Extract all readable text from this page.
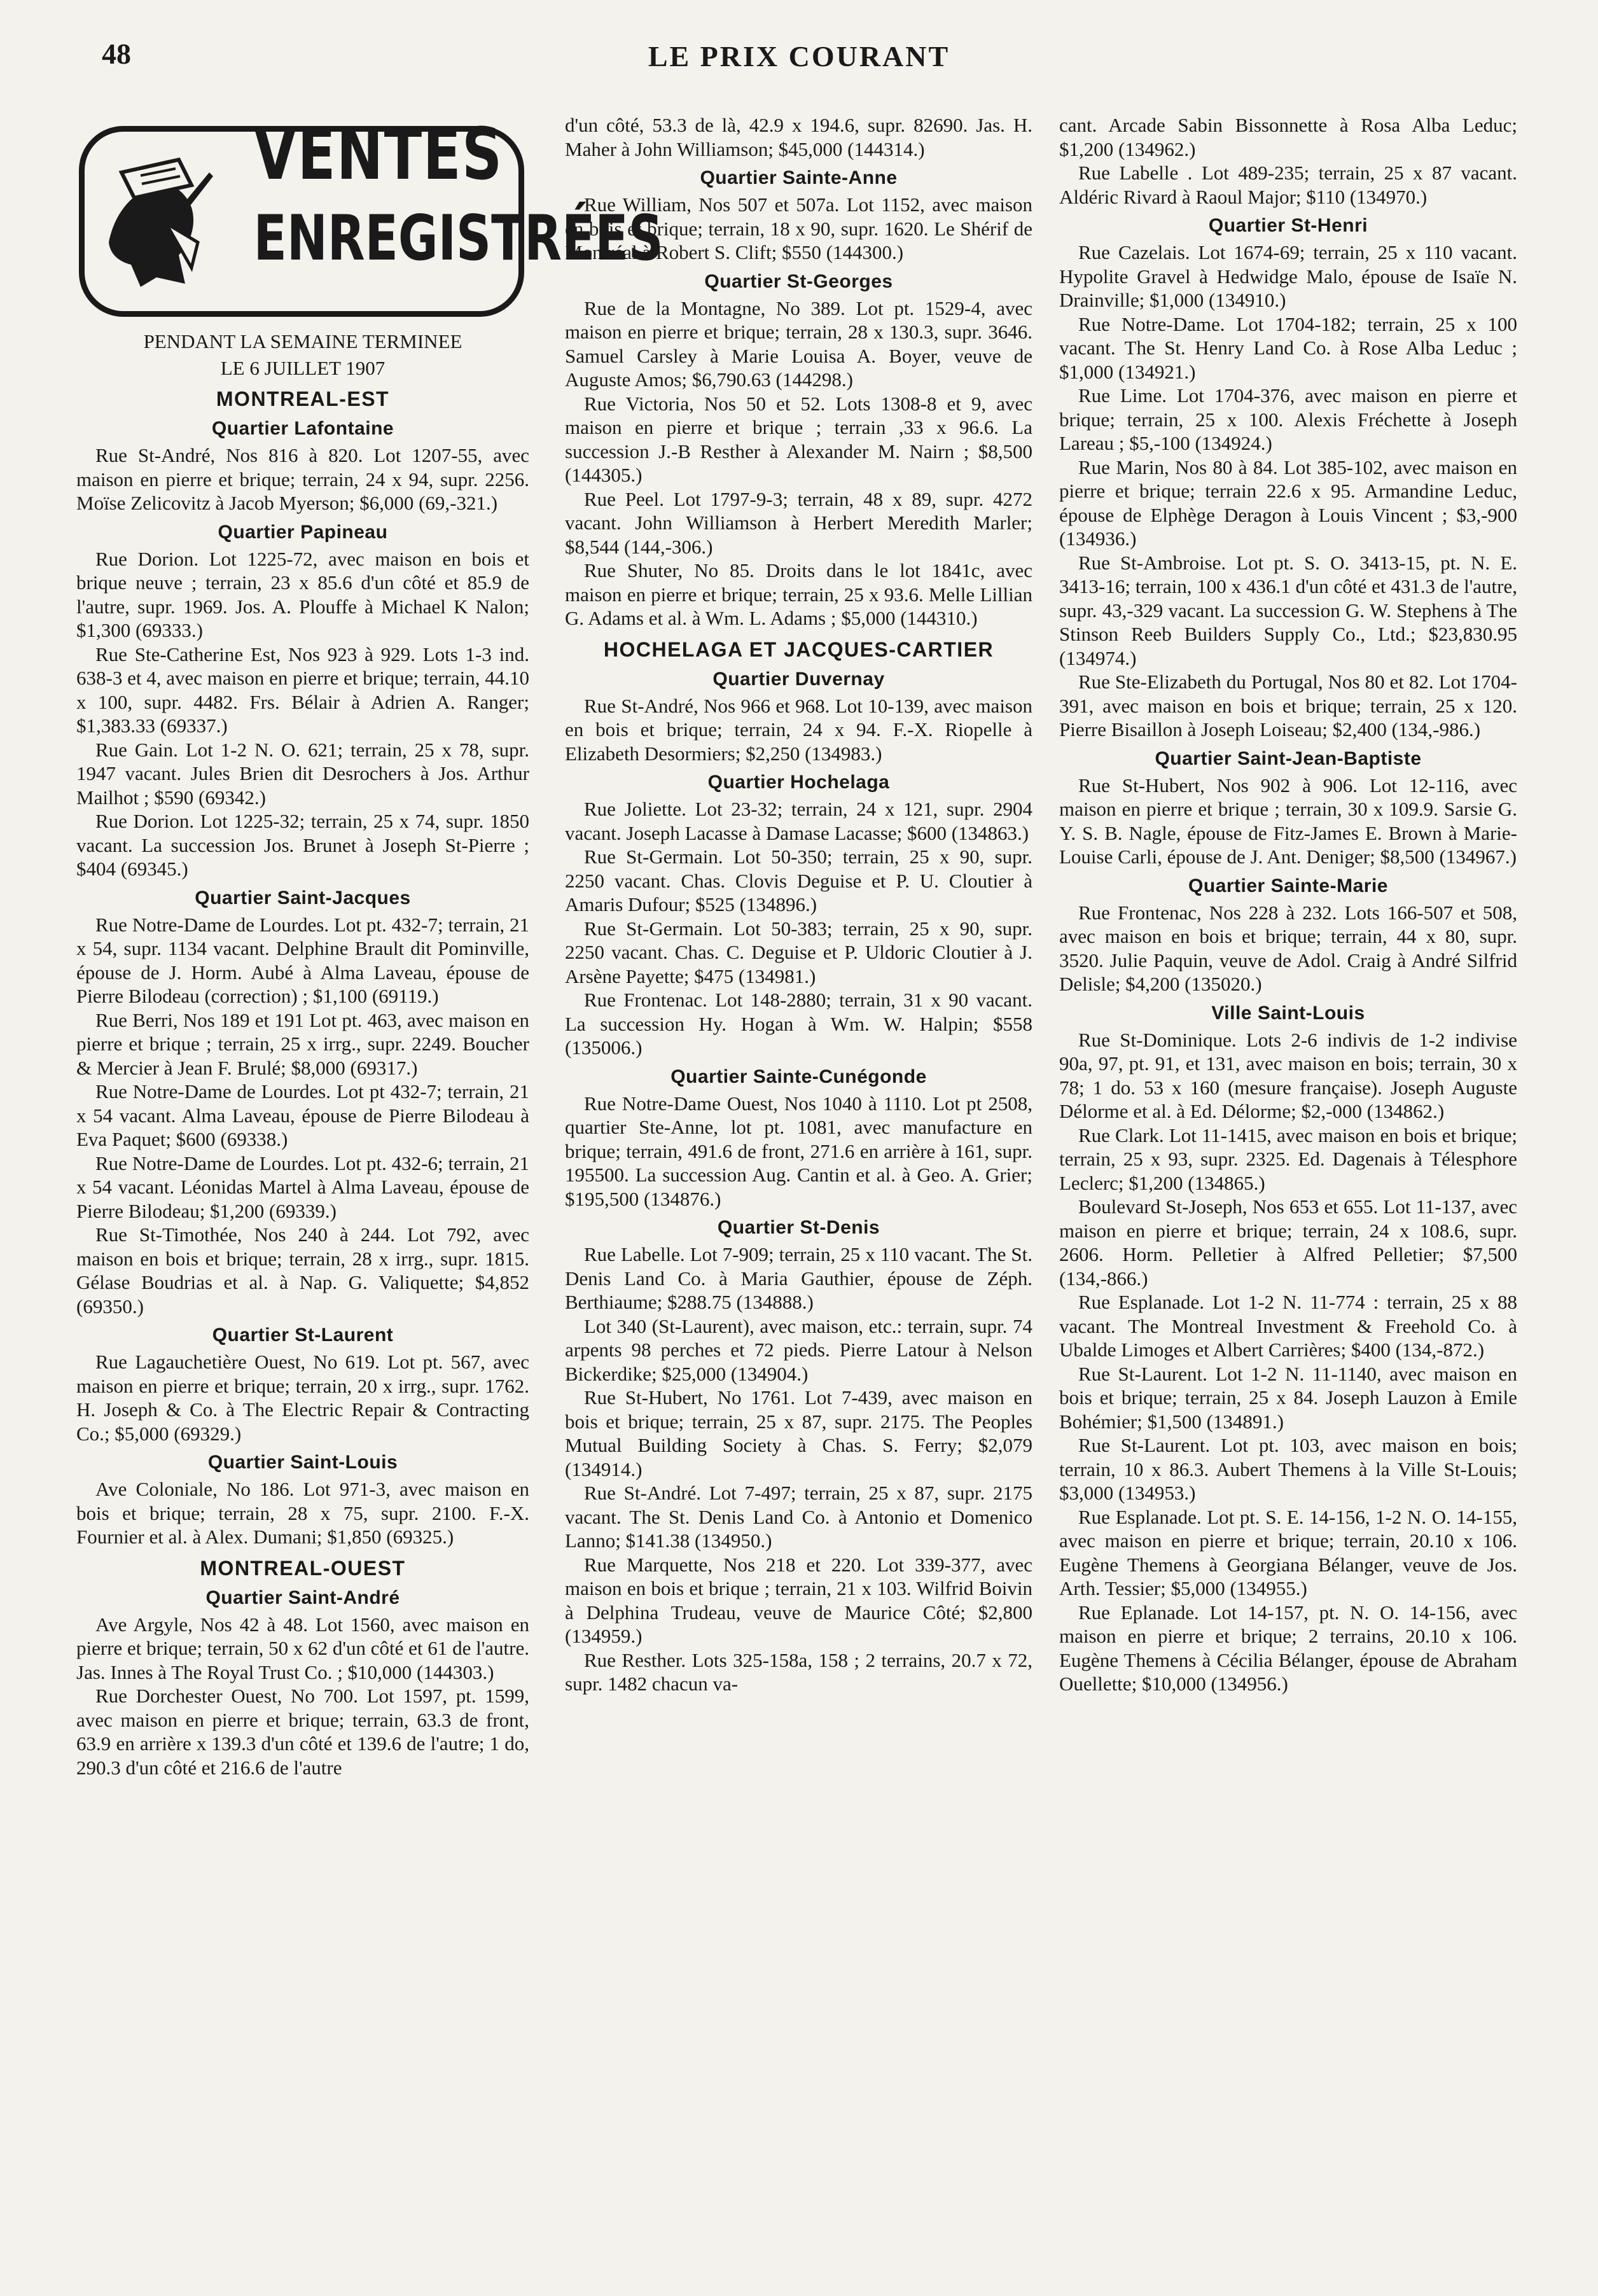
48	LE PRIX COURANT
VENTES
ENREGISTRÉES
PENDANT LA SEMAINE TERMINEE
LE 6 JUILLET 1907
MONTREAL-EST
Quartier Lafontaine

Rue St-André, Nos 816 à 820. Lot 1207-55, avec maison en pierre et brique; terrain, 24 x 94, supr. 2256. Moïse Zelicovitz à Jacob Myerson; $6,000 (69,-321.)

Quartier Papineau

Rue Dorion. Lot 1225-72, avec maison en bois et brique neuve ; terrain, 23 x 85.6 d'un côté et 85.9 de l'autre, supr. 1969. Jos. A. Plouffe à Michael K Nalon; $1,300 (69333.)

Rue Ste-Catherine Est, Nos 923 à 929. Lots 1-3 ind. 638-3 et 4, avec maison en pierre et brique; terrain, 44.10 x 100, supr. 4482. Frs. Bélair à Adrien A. Ranger; $1,383.33 (69337.)

Rue Gain. Lot 1-2 N. O. 621; terrain, 25 x 78, supr. 1947 vacant. Jules Brien dit Desrochers à Jos. Arthur Mailhot ; $590 (69342.)

Rue Dorion. Lot 1225-32; terrain, 25 x 74, supr. 1850 vacant. La succession Jos. Brunet à Joseph St-Pierre ; $404 (69345.)

Quartier Saint-Jacques

Rue Notre-Dame de Lourdes. Lot pt. 432-7; terrain, 21 x 54, supr. 1134 vacant. Delphine Brault dit Pominville, épouse de J. Horm. Aubé à Alma Laveau, épouse de Pierre Bilodeau (correction) ; $1,100 (69119.)

Rue Berri, Nos 189 et 191 Lot pt. 463, avec maison en pierre et brique ; terrain, 25 x irrg., supr. 2249. Boucher & Mercier à Jean F. Brulé; $8,000 (69317.)

Rue Notre-Dame de Lourdes. Lot pt 432-7; terrain, 21 x 54 vacant. Alma Laveau, épouse de Pierre Bilodeau à Eva Paquet; $600 (69338.)

Rue Notre-Dame de Lourdes. Lot pt. 432-6; terrain, 21 x 54 vacant. Léonidas Martel à Alma Laveau, épouse de Pierre Bilodeau; $1,200 (69339.)

Rue St-Timothée, Nos 240 à 244. Lot 792, avec maison en bois et brique; terrain, 28 x irrg., supr. 1815. Gélase Boudrias et al. à Nap. G. Valiquette; $4,852 (69350.)

Quartier St-Laurent

Rue Lagauchetière Ouest, No 619. Lot pt. 567, avec maison en pierre et brique; terrain, 20 x irrg., supr. 1762. H. Joseph & Co. à The Electric Repair & Contracting Co.; $5,000 (69329.)

Quartier Saint-Louis

Ave Coloniale, No 186. Lot 971-3, avec maison en bois et brique; terrain, 28 x 75, supr. 2100. F.-X. Fournier et al. à Alex. Dumani; $1,850 (69325.)

MONTREAL-OUEST
Quartier Saint-André

Ave Argyle, Nos 42 à 48. Lot 1560, avec maison en pierre et brique; terrain, 50 x 62 d'un côté et 61 de l'autre. Jas. Innes à The Royal Trust Co. ; $10,000 (144303.)

Rue Dorchester Ouest, No 700. Lot 1597, pt. 1599, avec maison en pierre et brique; terrain, 63.3 de front, 63.9 en arrière x 139.3 d'un côté et 139.6 de l'autre; 1 do, 290.3 d'un côté et 216.6 de l'autre

d'un côté, 53.3 de là, 42.9 x 194.6, supr. 82690. Jas. H. Maher à John Williamson; $45,000 (144314.)

Quartier Sainte-Anne

Rue William, Nos 507 et 507a. Lot 1152, avec maison en bois et brique; terrain, 18 x 90, supr. 1620. Le Shérif de Montréal à Robert S. Clift; $550 (144300.)

Quartier St-Georges

Rue de la Montagne, No 389. Lot pt. 1529-4, avec maison en pierre et brique; terrain, 28 x 130.3, supr. 3646. Samuel Carsley à Marie Louisa A. Boyer, veuve de Auguste Amos; $6,790.63 (144298.)

Rue Victoria, Nos 50 et 52. Lots 1308-8 et 9, avec maison en pierre et brique ; terrain ,33 x 96.6. La succession J.-B Resther à Alexander M. Nairn ; $8,500 (144305.)

Rue Peel. Lot 1797-9-3; terrain, 48 x 89, supr. 4272 vacant. John Williamson à Herbert Meredith Marler; $8,544 (144,-306.)

Rue Shuter, No 85. Droits dans le lot 1841c, avec maison en pierre et brique; terrain, 25 x 93.6. Melle Lillian G. Adams et al. à Wm. L. Adams ; $5,000 (144310.)

HOCHELAGA ET JACQUES-CARTIER
Quartier Duvernay

Rue St-André, Nos 966 et 968. Lot 10-139, avec maison en bois et brique; terrain, 24 x 94. F.-X. Riopelle à Elizabeth Desormiers; $2,250 (134983.)

Quartier Hochelaga

Rue Joliette. Lot 23-32; terrain, 24 x 121, supr. 2904 vacant. Joseph Lacasse à Damase Lacasse; $600 (134863.)

Rue St-Germain. Lot 50-350; terrain, 25 x 90, supr. 2250 vacant. Chas. Clovis Deguise et P. U. Cloutier à Amaris Dufour; $525 (134896.)

Rue St-Germain. Lot 50-383; terrain, 25 x 90, supr. 2250 vacant. Chas. C. Deguise et P. Uldoric Cloutier à J. Arsène Payette; $475 (134981.)

Rue Frontenac. Lot 148-2880; terrain, 31 x 90 vacant. La succession Hy. Hogan à Wm. W. Halpin; $558 (135006.)

Quartier Sainte-Cunégonde

Rue Notre-Dame Ouest, Nos 1040 à 1110. Lot pt 2508, quartier Ste-Anne, lot pt. 1081, avec manufacture en brique; terrain, 491.6 de front, 271.6 en arrière à 161, supr. 195500. La succession Aug. Cantin et al. à Geo. A. Grier; $195,500 (134876.)

Quartier St-Denis

Rue Labelle. Lot 7-909; terrain, 25 x 110 vacant. The St. Denis Land Co. à Maria Gauthier, épouse de Zéph. Berthiaume; $288.75 (134888.)

Lot 340 (St-Laurent), avec maison, etc.: terrain, supr. 74 arpents 98 perches et 72 pieds. Pierre Latour à Nelson Bickerdike; $25,000 (134904.)

Rue St-Hubert, No 1761. Lot 7-439, avec maison en bois et brique; terrain, 25 x 87, supr. 2175. The Peoples Mutual Building Society à Chas. S. Ferry; $2,079 (134914.)

Rue St-André. Lot 7-497; terrain, 25 x 87, supr. 2175 vacant. The St. Denis Land Co. à Antonio et Domenico Lanno; $141.38 (134950.)

Rue Marquette, Nos 218 et 220. Lot 339-377, avec maison en bois et brique ; terrain, 21 x 103. Wilfrid Boivin à Delphina Trudeau, veuve de Maurice Côté; $2,800 (134959.)

Rue Resther. Lots 325-158a, 158 ; 2 terrains, 20.7 x 72, supr. 1482 chacun va-

cant. Arcade Sabin Bissonnette à Rosa Alba Leduc; $1,200 (134962.)

Rue Labelle . Lot 489-235; terrain, 25 x 87 vacant. Aldéric Rivard à Raoul Major; $110 (134970.)

Quartier St-Henri

Rue Cazelais. Lot 1674-69; terrain, 25 x 110 vacant. Hypolite Gravel à Hedwidge Malo, épouse de Isaïe N. Drainville; $1,000 (134910.)

Rue Notre-Dame. Lot 1704-182; terrain, 25 x 100 vacant. The St. Henry Land Co. à Rose Alba Leduc ; $1,000 (134921.)

Rue Lime. Lot 1704-376, avec maison en pierre et brique; terrain, 25 x 100. Alexis Fréchette à Joseph Lareau ; $5,-100 (134924.)

Rue Marin, Nos 80 à 84. Lot 385-102, avec maison en pierre et brique; terrain 22.6 x 95. Armandine Leduc, épouse de Elphège Deragon à Louis Vincent ; $3,-900 (134936.)

Rue St-Ambroise. Lot pt. S. O. 3413-15, pt. N. E. 3413-16; terrain, 100 x 436.1 d'un côté et 431.3 de l'autre, supr. 43,-329 vacant. La succession G. W. Stephens à The Stinson Reeb Builders Supply Co., Ltd.; $23,830.95 (134974.)

Rue Ste-Elizabeth du Portugal, Nos 80 et 82. Lot 1704-391, avec maison en bois et brique; terrain, 25 x 120. Pierre Bisaillon à Joseph Loiseau; $2,400 (134,-986.)

Quartier Saint-Jean-Baptiste

Rue St-Hubert, Nos 902 à 906. Lot 12-116, avec maison en pierre et brique ; terrain, 30 x 109.9. Sarsie G. Y. S. B. Nagle, épouse de Fitz-James E. Brown à Marie-Louise Carli, épouse de J. Ant. Deniger; $8,500 (134967.)

Quartier Sainte-Marie

Rue Frontenac, Nos 228 à 232. Lots 166-507 et 508, avec maison en bois et brique; terrain, 44 x 80, supr. 3520. Julie Paquin, veuve de Adol. Craig à André Silfrid Delisle; $4,200 (135020.)

Ville Saint-Louis

Rue St-Dominique. Lots 2-6 indivis de 1-2 indivise 90a, 97, pt. 91, et 131, avec maison en bois; terrain, 30 x 78; 1 do. 53 x 160 (mesure française). Joseph Auguste Délorme et al. à Ed. Délorme; $2,-000 (134862.)

Rue Clark. Lot 11-1415, avec maison en bois et brique; terrain, 25 x 93, supr. 2325. Ed. Dagenais à Télesphore Leclerc; $1,200 (134865.)

Boulevard St-Joseph, Nos 653 et 655. Lot 11-137, avec maison en pierre et brique; terrain, 24 x 108.6, supr. 2606. Horm. Pelletier à Alfred Pelletier; $7,500 (134,-866.)

Rue Esplanade. Lot 1-2 N. 11-774 : terrain, 25 x 88 vacant. The Montreal Investment & Freehold Co. à Ubalde Limoges et Albert Carrières; $400 (134,-872.)

Rue St-Laurent. Lot 1-2 N. 11-1140, avec maison en bois et brique; terrain, 25 x 84. Joseph Lauzon à Emile Bohémier; $1,500 (134891.)

Rue St-Laurent. Lot pt. 103, avec maison en bois; terrain, 10 x 86.3. Aubert Themens à la Ville St-Louis; $3,000 (134953.)

Rue Esplanade. Lot pt. S. E. 14-156, 1-2 N. O. 14-155, avec maison en pierre et brique; terrain, 20.10 x 106. Eugène Themens à Georgiana Bélanger, veuve de Jos. Arth. Tessier; $5,000 (134955.)

Rue Eplanade. Lot 14-157, pt. N. O. 14-156, avec maison en pierre et brique; 2 terrains, 20.10 x 106. Eugène Themens à Cécilia Bélanger, épouse de Abraham Ouellette; $10,000 (134956.)
